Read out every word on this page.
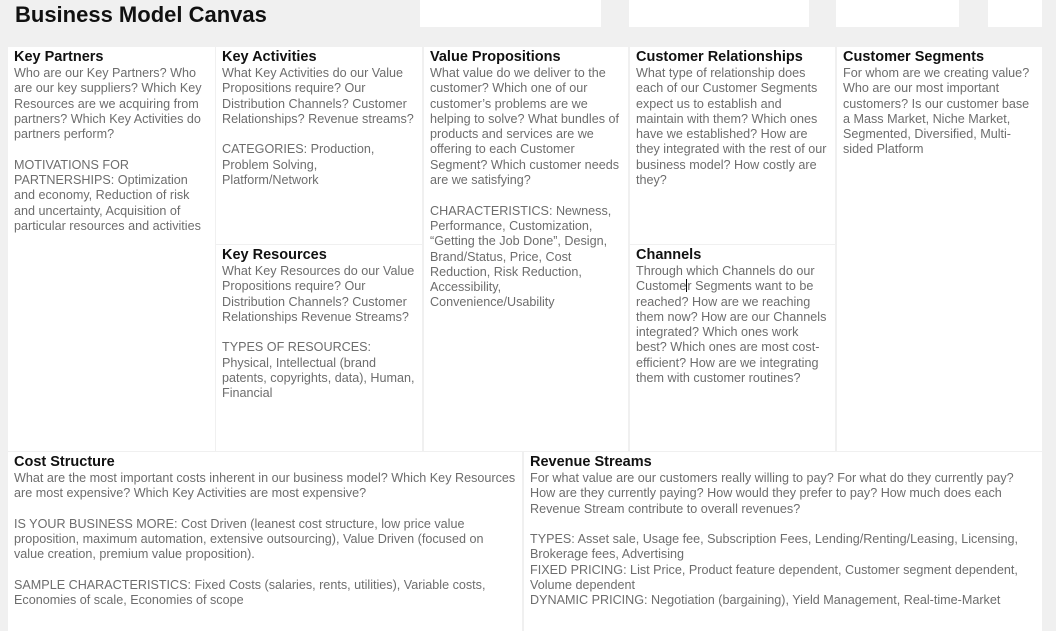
Business Model Canvas
Key Partners

Who are our Key Partners? Who are our key suppliers? Which Key Resources are we acquiring from partners? Which Key Activities do partners perform?

MOTIVATIONS FOR PARTNERSHIPS: Optimization and economy, Reduction of risk and uncertainty, Acquisition of particular resources and activities

Key Activities

What Key Activities do our Value Propositions require? Our Distribution Channels? Customer Relationships? Revenue streams?

CATEGORIES: Production, Problem Solving, Platform/Network

Key Resources

What Key Resources do our Value Propositions require? Our Distribution Channels? Customer Relationships Revenue Streams?

TYPES OF RESOURCES: Physical, Intellectual (brand patents, copyrights, data), Human, Financial

Value Propositions

What value do we deliver to the customer? Which one of our customer’s problems are we helping to solve? What bundles of products and services are we offering to each Customer Segment? Which customer needs are we satisfying?

CHARACTERISTICS: Newness, Performance, Customization, “Getting the Job Done”, Design, Brand/Status, Price, Cost Reduction, Risk Reduction, Accessibility, Convenience/Usability

Customer Relationships

What type of relationship does each of our Customer Segments expect us to establish and maintain with them? Which ones have we established? How are they integrated with the rest of our business model? How costly are they?

Channels

Through which Channels do our Customer Segments want to be reached? How are we reaching them now? How are our Channels integrated? Which ones work best? Which ones are most cost-efficient? How are we integrating them with customer routines?

Customer Segments

For whom are we creating value? Who are our most important customers? Is our customer base a Mass Market, Niche Market, Segmented, Diversified, Multi-sided Platform

Cost Structure

What are the most important costs inherent in our business model? Which Key Resources are most expensive? Which Key Activities are most expensive?

IS YOUR BUSINESS MORE: Cost Driven (leanest cost structure, low price value proposition, maximum automation, extensive outsourcing), Value Driven (focused on value creation, premium value proposition).

SAMPLE CHARACTERISTICS: Fixed Costs (salaries, rents, utilities), Variable costs, Economies of scale, Economies of scope

Revenue Streams

For what value are our customers really willing to pay? For what do they currently pay? How are they currently paying? How would they prefer to pay? How much does each Revenue Stream contribute to overall revenues?

TYPES: Asset sale, Usage fee, Subscription Fees, Lending/Renting/Leasing, Licensing, Brokerage fees, Advertising

FIXED PRICING: List Price, Product feature dependent, Customer segment dependent, Volume dependent

DYNAMIC PRICING: Negotiation (bargaining), Yield Management, Real-time-Market
